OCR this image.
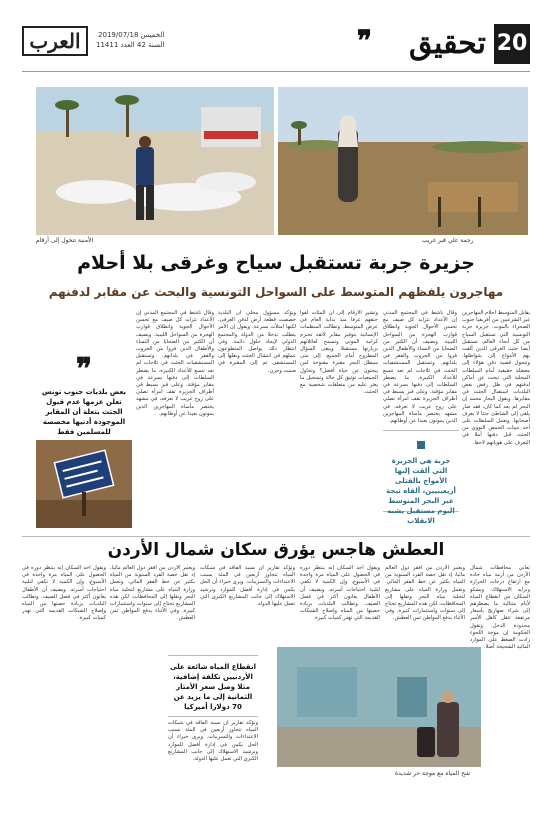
20
تحقيق
❞
العرب	الخميس 2019/07/18
السنة 42 العدد 11411
رحمة علي قبر غريب
الأمنية تتحول إلى أرقام
جزيرة جربة تستقبل سياح وغرقى بلا أحلام
مهاجرون يلفظهم المتوسط على السواحل التونسية والبحث عن مقابر لدفنهم

يقابل المتوسط أحلام المهاجرين غير الشرعيين من أفريقيا جنوب الصحراء بالموت. جزيرة جربة التونسية التي تستقبل السياح من كل أنحاء العالم، تستقبل أيضا جثث الغرقى الذين ألقت بهم الأمواج إلى شواطئها. وتتحول قضية دفن هؤلاء إلى معضلة حقيقية أمام السلطات المحلية التي تبحث عن أماكن لدفنهم في ظل رفض بعض البلديات استقبال الجثث في مقابرها. ويقول البحار محمد إن البحر لم يعد كما كان، فقد صار يلقي إلى الشاطئ جثثا لا يعرف أصحابها. وتعمل السلطات على أخذ عينات الحمض النووي من الجثث قبل دفنها أملا في التعرف على هوياتهم لاحقا.

وقال ناشط في المجتمع المدني إن الأعداد تتزايد كل صيف مع تحسن الأحوال الجوية وانطلاق قوارب الهجرة من السواحل الليبية. ويضيف أن الكثير من الضحايا من النساء والأطفال الذين فروا من الحروب والفقر في بلدانهم. وتستقبل المستشفيات الجثث في ثلاجات لم تعد تتسع للأعداد الكبيرة، ما يضطر السلطات إلى دفنها بسرعة في مقابر مؤقتة. وعلى قبر بسيط في أطراف الجزيرة تقف امرأة تصلي على روح غريب لا تعرفه، في مشهد يختصر مأساة المهاجرين الذين يموتون بعيدا عن أوطانهم.

وتشير الأرقام إلى أن المئات لقوا حتفهم غرقا منذ بداية العام في عرض المتوسط. وتطالب المنظمات الإنسانية بتوفير مقابر لائقة تحترم كرامة الموتى وتسمح لعائلاتهم بزيارتها مستقبلا. ويبقى السؤال المطروح أمام الجميع: إلى متى سيظل البحر مقبرة مفتوحة لمن يبحثون عن حياة أفضل؟ وتحاول الجمعيات توثيق كل حالة وتسجيل ما يعثر عليه من متعلقات شخصية مع الجثث.

ويؤكد مسؤول محلي أن البلدية خصصت قطعة أرض لدفن الغرقى، لكنها امتلأت بسرعة. ويقول إن الأمر يتطلب تدخلا من الدولة والمجتمع الدولي لإيجاد حلول دائمة. وفي انتظار ذلك يواصل المتطوعون عملهم في انتشال الجثث ونقلها إلى المستشفى ثم إلى المقبرة في صمت وحزن.

وقال ناشط في المجتمع المدني إن الأعداد تتزايد كل صيف مع تحسن الأحوال الجوية وانطلاق قوارب الهجرة من السواحل الليبية. ويضيف أن الكثير من الضحايا من النساء والأطفال الذين فروا من الحروب والفقر في بلدانهم. وتستقبل المستشفيات الجثث في ثلاجات لم تعد تتسع للأعداد الكبيرة، ما يضطر السلطات إلى دفنها بسرعة في مقابر مؤقتة. وعلى قبر بسيط في أطراف الجزيرة تقف امرأة تصلي على روح غريب لا تعرفه، في مشهد يختصر مأساة المهاجرين الذين يموتون بعيدا عن أوطانهم.

جربة هي الجزيرة التي ألقت إليها الأمواج بالقتلى أربعينيين، ألقاه تيجة عبر البحر المتوسط اليوم مستقبل يشبه الانقلاب
❞
بعض بلديات جنوب تونس تعلن عزمها عدم قبول الجثث بتعلة أن المقابر الموجودة أدنيها مخصصة للمسلمين فقط
العطش هاجس يؤرق سكان شمال الأردن

تعاني محافظات شمال الأردن من أزمة مياه حادة مع ارتفاع درجات الحرارة وتزايد الاستهلاك. ويشكو السكان من انقطاع المياه لأيام متتالية ما يضطرهم إلى شراء صهاريج بأسعار مرتفعة تثقل كاهل الأسر محدودة الدخل. وتقول الحكومة إن موجة اللجوء زادت الضغط على الموارد المائية الشحيحة أصلا.

ويعتبر الأردن من أفقر دول العالم مائيا، إذ تقل حصة الفرد السنوية من المياه بكثير عن خط الفقر المائي. وتعمل وزارة المياه على مشاريع لتحلية مياه البحر ونقلها إلى المحافظات، لكن هذه المشاريع تحتاج إلى سنوات واستثمارات كبيرة. وفي الأثناء يدفع المواطن ثمن العطش.

ويقول أحد السكان إنه ينتظر دوره في الحصول على المياه مرة واحدة في الأسبوع، وإن الكمية لا تكفي لتلبية احتياجات أسرته. ويضيف أن الأطفال يعانون أكثر في فصل الصيف. وتطالب البلديات بزيادة حصتها من المياه وإصلاح الشبكات القديمة التي تهدر كميات كبيرة.

وتؤكد تقارير أن نسبة الفاقد في شبكات المياه تتجاوز أربعين في المئة بسبب الاعتداءات والتسريبات. ويرى خبراء أن الحل يكمن في إدارة أفضل للموارد وترشيد الاستهلاك إلى جانب المشاريع الكبرى التي تعمل عليها الدولة.

ويعتبر الأردن من أفقر دول العالم مائيا، إذ تقل حصة الفرد السنوية من المياه بكثير عن خط الفقر المائي. وتعمل وزارة المياه على مشاريع لتحلية مياه البحر ونقلها إلى المحافظات، لكن هذه المشاريع تحتاج إلى سنوات واستثمارات كبيرة. وفي الأثناء يدفع المواطن ثمن العطش.

ويقول أحد السكان إنه ينتظر دوره في الحصول على المياه مرة واحدة في الأسبوع، وإن الكمية لا تكفي لتلبية احتياجات أسرته. ويضيف أن الأطفال يعانون أكثر في فصل الصيف. وتطالب البلديات بزيادة حصتها من المياه وإصلاح الشبكات القديمة التي تهدر كميات كبيرة.

وتؤكد تقارير أن نسبة الفاقد في شبكات المياه تتجاوز أربعين في المئة بسبب الاعتداءات والتسريبات. ويرى خبراء أن الحل يكمن في إدارة أفضل للموارد وترشيد الاستهلاك إلى جانب المشاريع الكبرى التي تعمل عليها الدولة.

شح المياه مع موجة حر شديدة
انقطاع المياه شائعة على الأردنيين تكلفة إضافية، مثلا وصل سعر الأمتار الثمانية إلى ما يزيد عن 70 دولارا أميركيا
